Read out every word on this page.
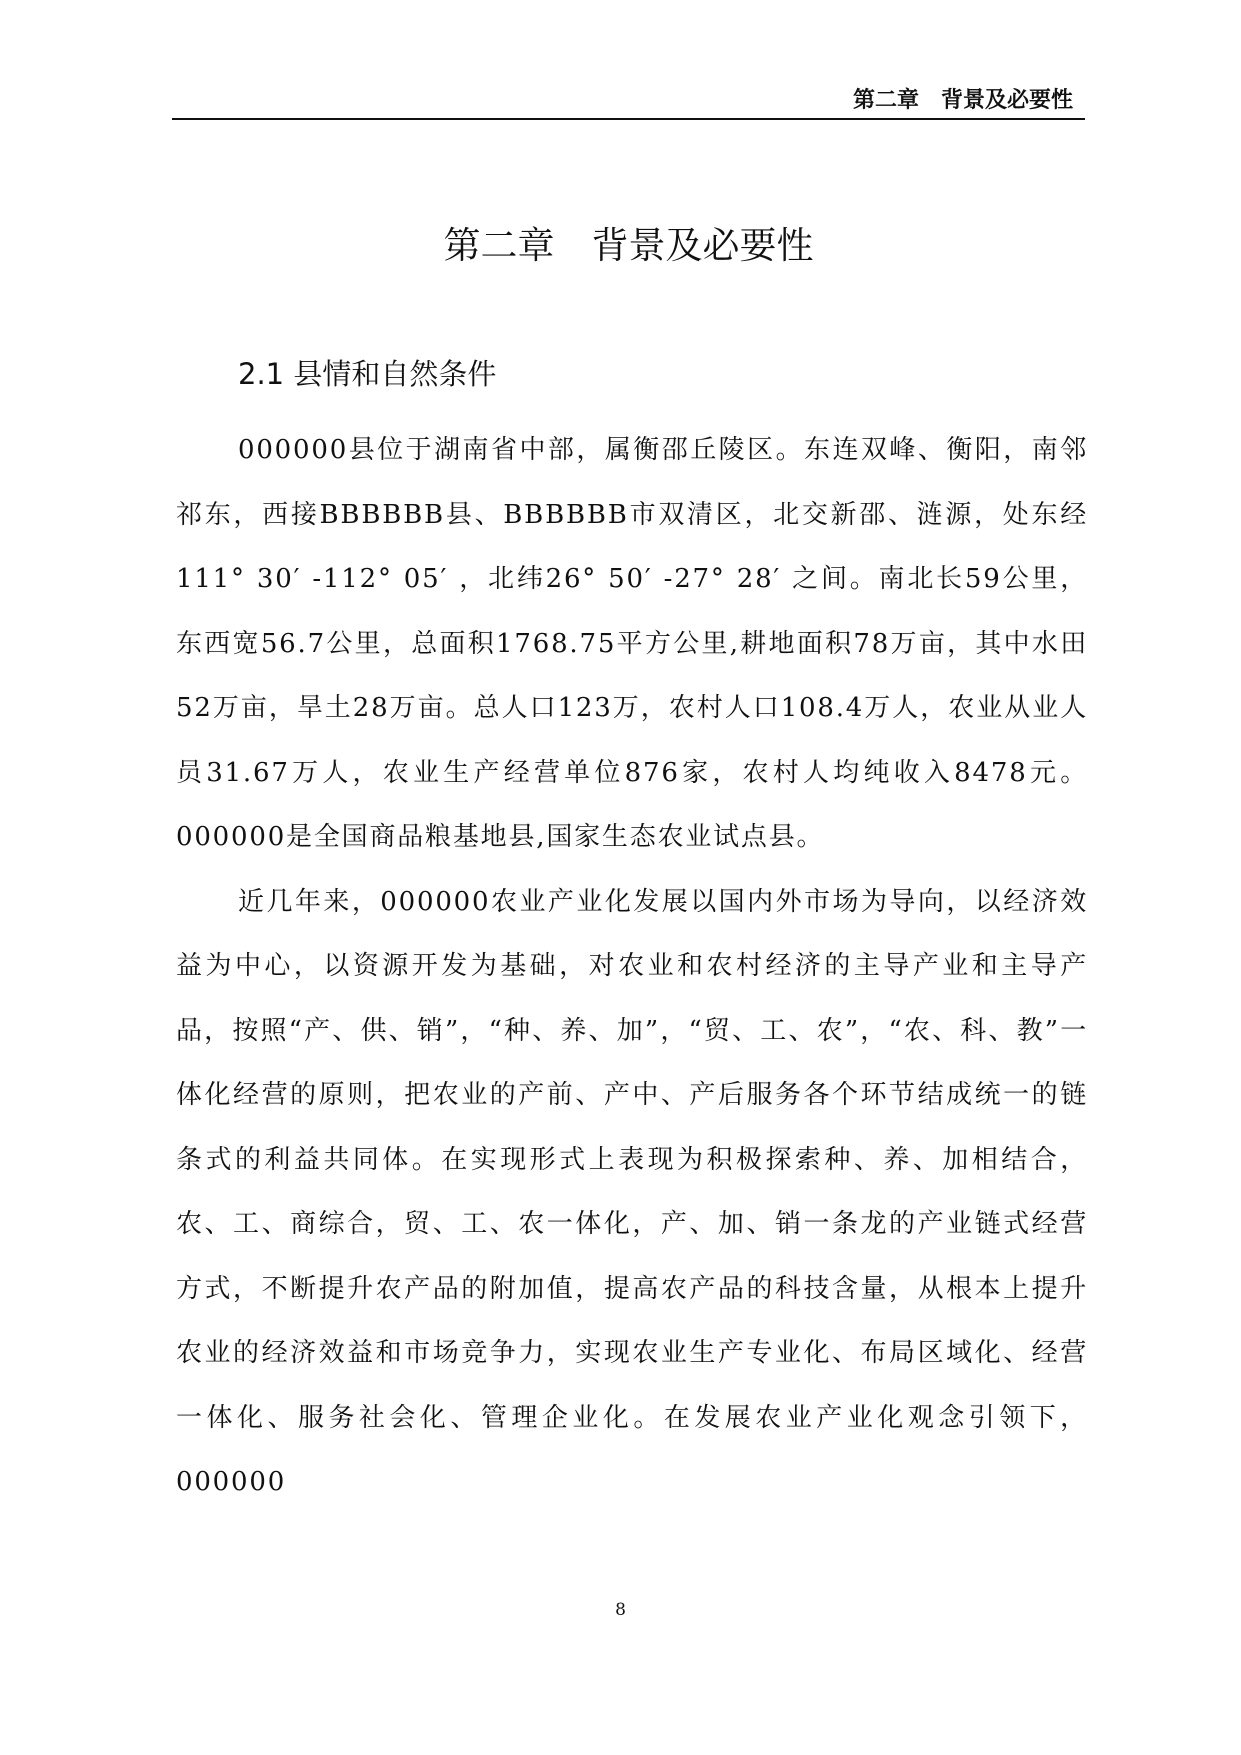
第二章　背景及必要性
第二章　背景及必要性
2.1 县情和自然条件

000000县位于湖南省中部，属衡邵丘陵区。东连双峰、衡阳，南邻祁东，西接BBBBBB县、BBBBBB市双清区，北交新邵、涟源，处东经111° 30′ -112° 05′ ，北纬26° 50′ -27° 28′ 之间。南北长59公里，东西宽56.7公里，总面积1768.75平方公里,耕地面积78万亩，其中水田52万亩，旱土28万亩。总人口123万，农村人口108.4万人，农业从业人员31.67万人，农业生产经营单位876家，农村人均纯收入8478元。000000是全国商品粮基地县,国家生态农业试点县。

近几年来，000000农业产业化发展以国内外市场为导向，以经济效益为中心，以资源开发为基础，对农业和农村经济的主导产业和主导产品，按照“产、供、销”，“种、养、加”，“贸、工、农”，“农、科、教”一体化经营的原则，把农业的产前、产中、产后服务各个环节结成统一的链条式的利益共同体。在实现形式上表现为积极探索种、养、加相结合，农、工、商综合，贸、工、农一体化，产、加、销一条龙的产业链式经营方式，不断提升农产品的附加值，提高农产品的科技含量，从根本上提升农业的经济效益和市场竞争力，实现农业生产专业化、布局区域化、经营一体化、服务社会化、管理企业化。在发展农业产业化观念引领下，000000

8
